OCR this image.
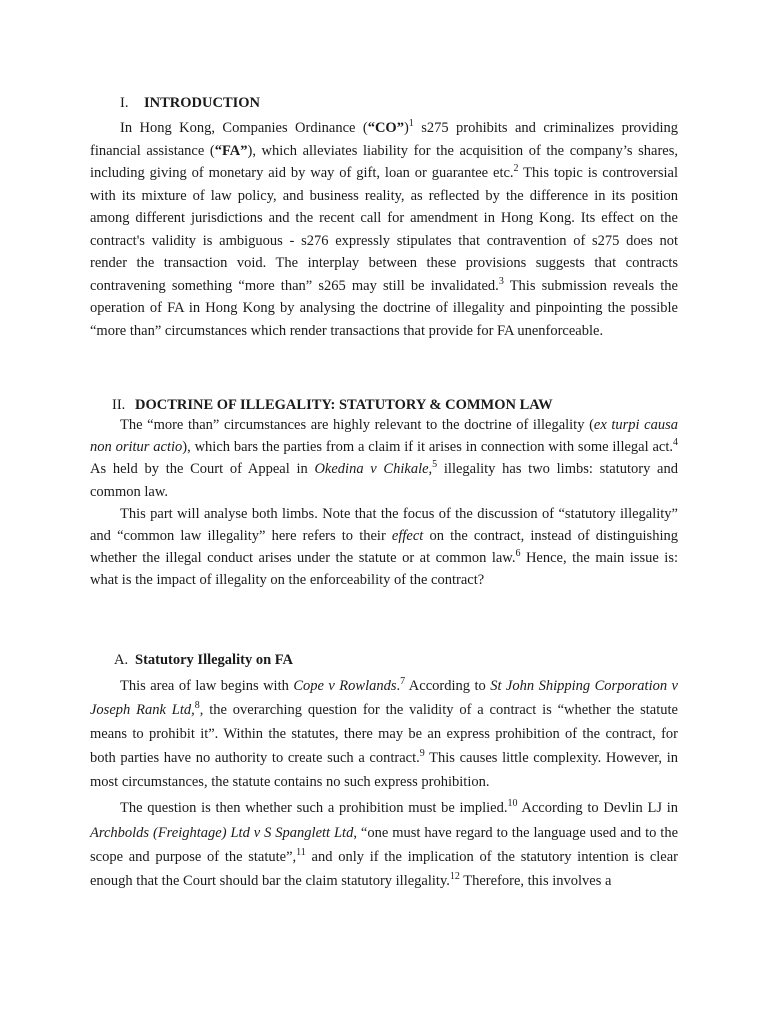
I. INTRODUCTION

In Hong Kong, Companies Ordinance (“CO”)$^1$ s275 prohibits and criminalizes providing financial assistance (“FA”), which alleviates liability for the acquisition of the company’s shares, including giving of monetary aid by way of gift, loan or guarantee etc.$^2$ This topic is controversial with its mixture of law policy, and business reality, as reflected by the difference in its position among different jurisdictions and the recent call for amendment in Hong Kong. Its effect on the contract's validity is ambiguous - s276 expressly stipulates that contravention of s275 does not render the transaction void. The interplay between these provisions suggests that contracts contravening something “more than” s265 may still be invalidated.$^3$ This submission reveals the operation of FA in Hong Kong by analysing the doctrine of illegality and pinpointing the possible “more than” circumstances which render transactions that provide for FA unenforceable.

II. DOCTRINE OF ILLEGALITY: STATUTORY & COMMON LAW

The “more than” circumstances are highly relevant to the doctrine of illegality (ex turpi causa non oritur actio), which bars the parties from a claim if it arises in connection with some illegal act.$^4$ As held by the Court of Appeal in Okedina v Chikale,$^5$ illegality has two limbs: statutory and common law.

This part will analyse both limbs. Note that the focus of the discussion of “statutory illegality” and “common law illegality” here refers to their effect on the contract, instead of distinguishing whether the illegal conduct arises under the statute or at common law.$^6$ Hence, the main issue is: what is the impact of illegality on the enforceability of the contract?

A. Statutory Illegality on FA

This area of law begins with Cope v Rowlands.$^7$ According to St John Shipping Corporation v Joseph Rank Ltd,$^8$, the overarching question for the validity of a contract is “whether the statute means to prohibit it”. Within the statutes, there may be an express prohibition of the contract, for both parties have no authority to create such a contract.$^9$ This causes little complexity. However, in most circumstances, the statute contains no such express prohibition.

The question is then whether such a prohibition must be implied.$^{10}$ According to Devlin LJ in Archbolds (Freightage) Ltd v S Spanglett Ltd, “one must have regard to the language used and to the scope and purpose of the statute”,$^{11}$ and only if the implication of the statutory intention is clear enough that the Court should bar the claim statutory illegality.$^{12}$ Therefore, this involves a
